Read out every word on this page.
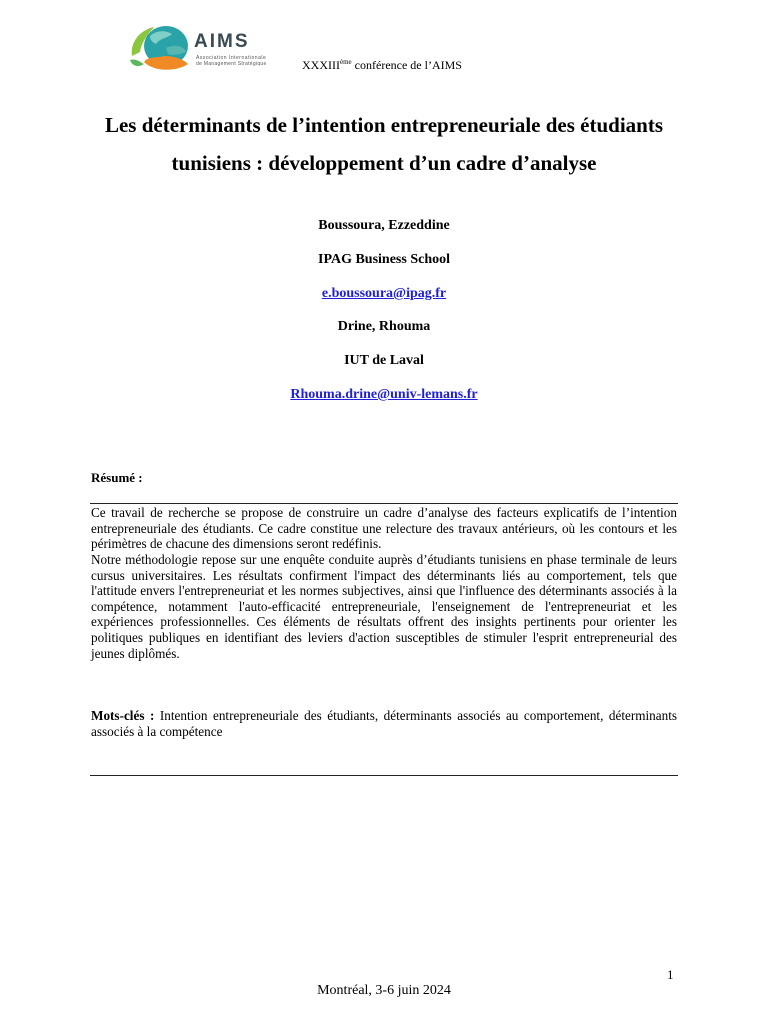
AIMS
Association Internationale
de Management Stratégique	XXXIIIème conférence de l’AIMS
Les déterminants de l’intention entrepreneuriale des étudiants tunisiens : développement d’un cadre d’analyse
Boussoura, Ezzeddine
IPAG Business School
e.boussoura@ipag.fr
Drine, Rhouma
IUT de Laval
Rhouma.drine@univ-lemans.fr
Résumé :
Ce travail de recherche se propose de construire un cadre d’analyse des facteurs explicatifs de l’intention entrepreneuriale des étudiants. Ce cadre constitue une relecture des travaux antérieurs, où les contours et les périmètres de chacune des dimensions seront redéfinis.
Notre méthodologie repose sur une enquête conduite auprès d’étudiants tunisiens en phase terminale de leurs cursus universitaires. Les résultats confirment l'impact des déterminants liés au comportement, tels que l'attitude envers l'entrepreneuriat et les normes subjectives, ainsi que l'influence des déterminants associés à la compétence, notamment l'auto-efficacité entrepreneuriale, l'enseignement de l'entrepreneuriat et les expériences professionnelles. Ces éléments de résultats offrent des insights pertinents pour orienter les politiques publiques en identifiant des leviers d'action susceptibles de stimuler l'esprit entrepreneurial des jeunes diplômés.
Mots-clés : Intention entrepreneuriale des étudiants, déterminants associés au comportement, déterminants associés à la compétence
1
Montréal, 3-6 juin 2024
